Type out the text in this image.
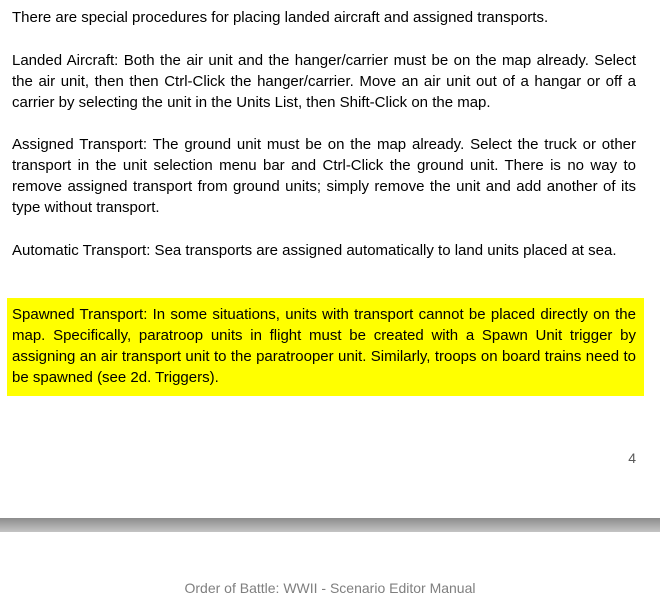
There are special procedures for placing landed aircraft and assigned transports.

Landed Aircraft: Both the air unit and the hanger/carrier must be on the map already. Select the air unit, then then Ctrl-Click the hanger/carrier. Move an air unit out of a hangar or off a carrier by selecting the unit in the Units List, then Shift-Click on the map.

Assigned Transport: The ground unit must be on the map already. Select the truck or other transport in the unit selection menu bar and Ctrl-Click the ground unit. There is no way to remove assigned transport from ground units; simply remove the unit and add another of its type without transport.

Automatic Transport: Sea transports are assigned automatically to land units placed at sea.

Spawned Transport: In some situations, units with transport cannot be placed directly on the map. Specifically, paratroop units in flight must be created with a Spawn Unit trigger by assigning an air transport unit to the paratrooper unit. Similarly, troops on board trains need to be spawned (see 2d. Triggers).

4
Order of Battle: WWII - Scenario Editor Manual
